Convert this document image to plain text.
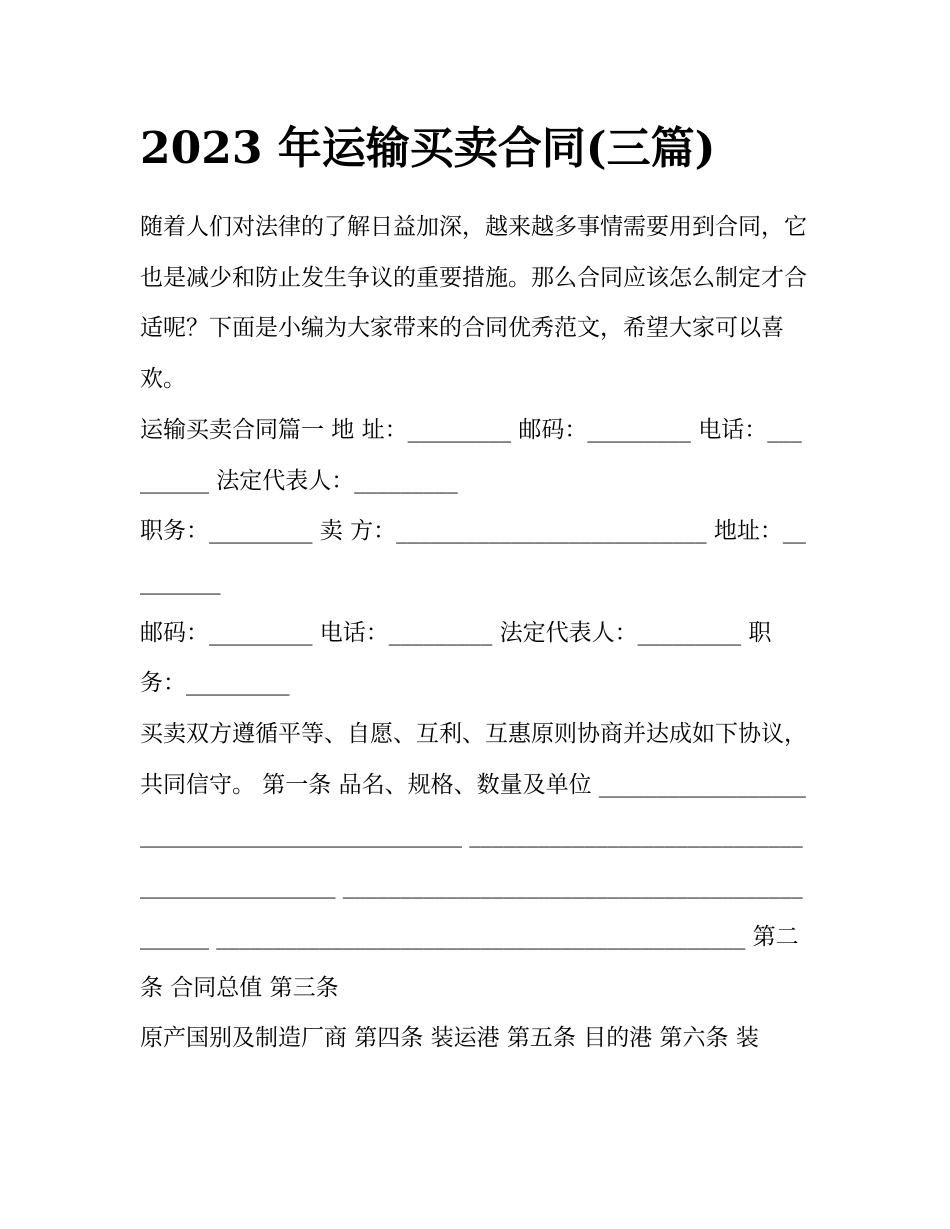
2023 年运输买卖合同(三篇)

随着人们对法律的了解日益加深，越来越多事情需要用到合同，它也是减少和防止发生争议的重要措施。那么合同应该怎么制定才合适呢？下面是小编为大家带来的合同优秀范文，希望大家可以喜欢。

运输买卖合同篇一 地 址：_________ 邮码：_________ 电话：_________ 法定代表人：_________

职务：_________ 卖 方：___________________________ 地址：_________

邮码：_________ 电话：_________ 法定代表人：_________ 职务：_________

买卖双方遵循平等、自愿、互利、互惠原则协商并达成如下协议，共同信守。 第一条 品名、规格、数量及单位 ______________________________________________ ______________________________________________ ______________________________________________ ______________________________________________ 第二条 合同总值 第三条

原产国别及制造厂商 第四条 装运港 第五条 目的港 第六条 装
